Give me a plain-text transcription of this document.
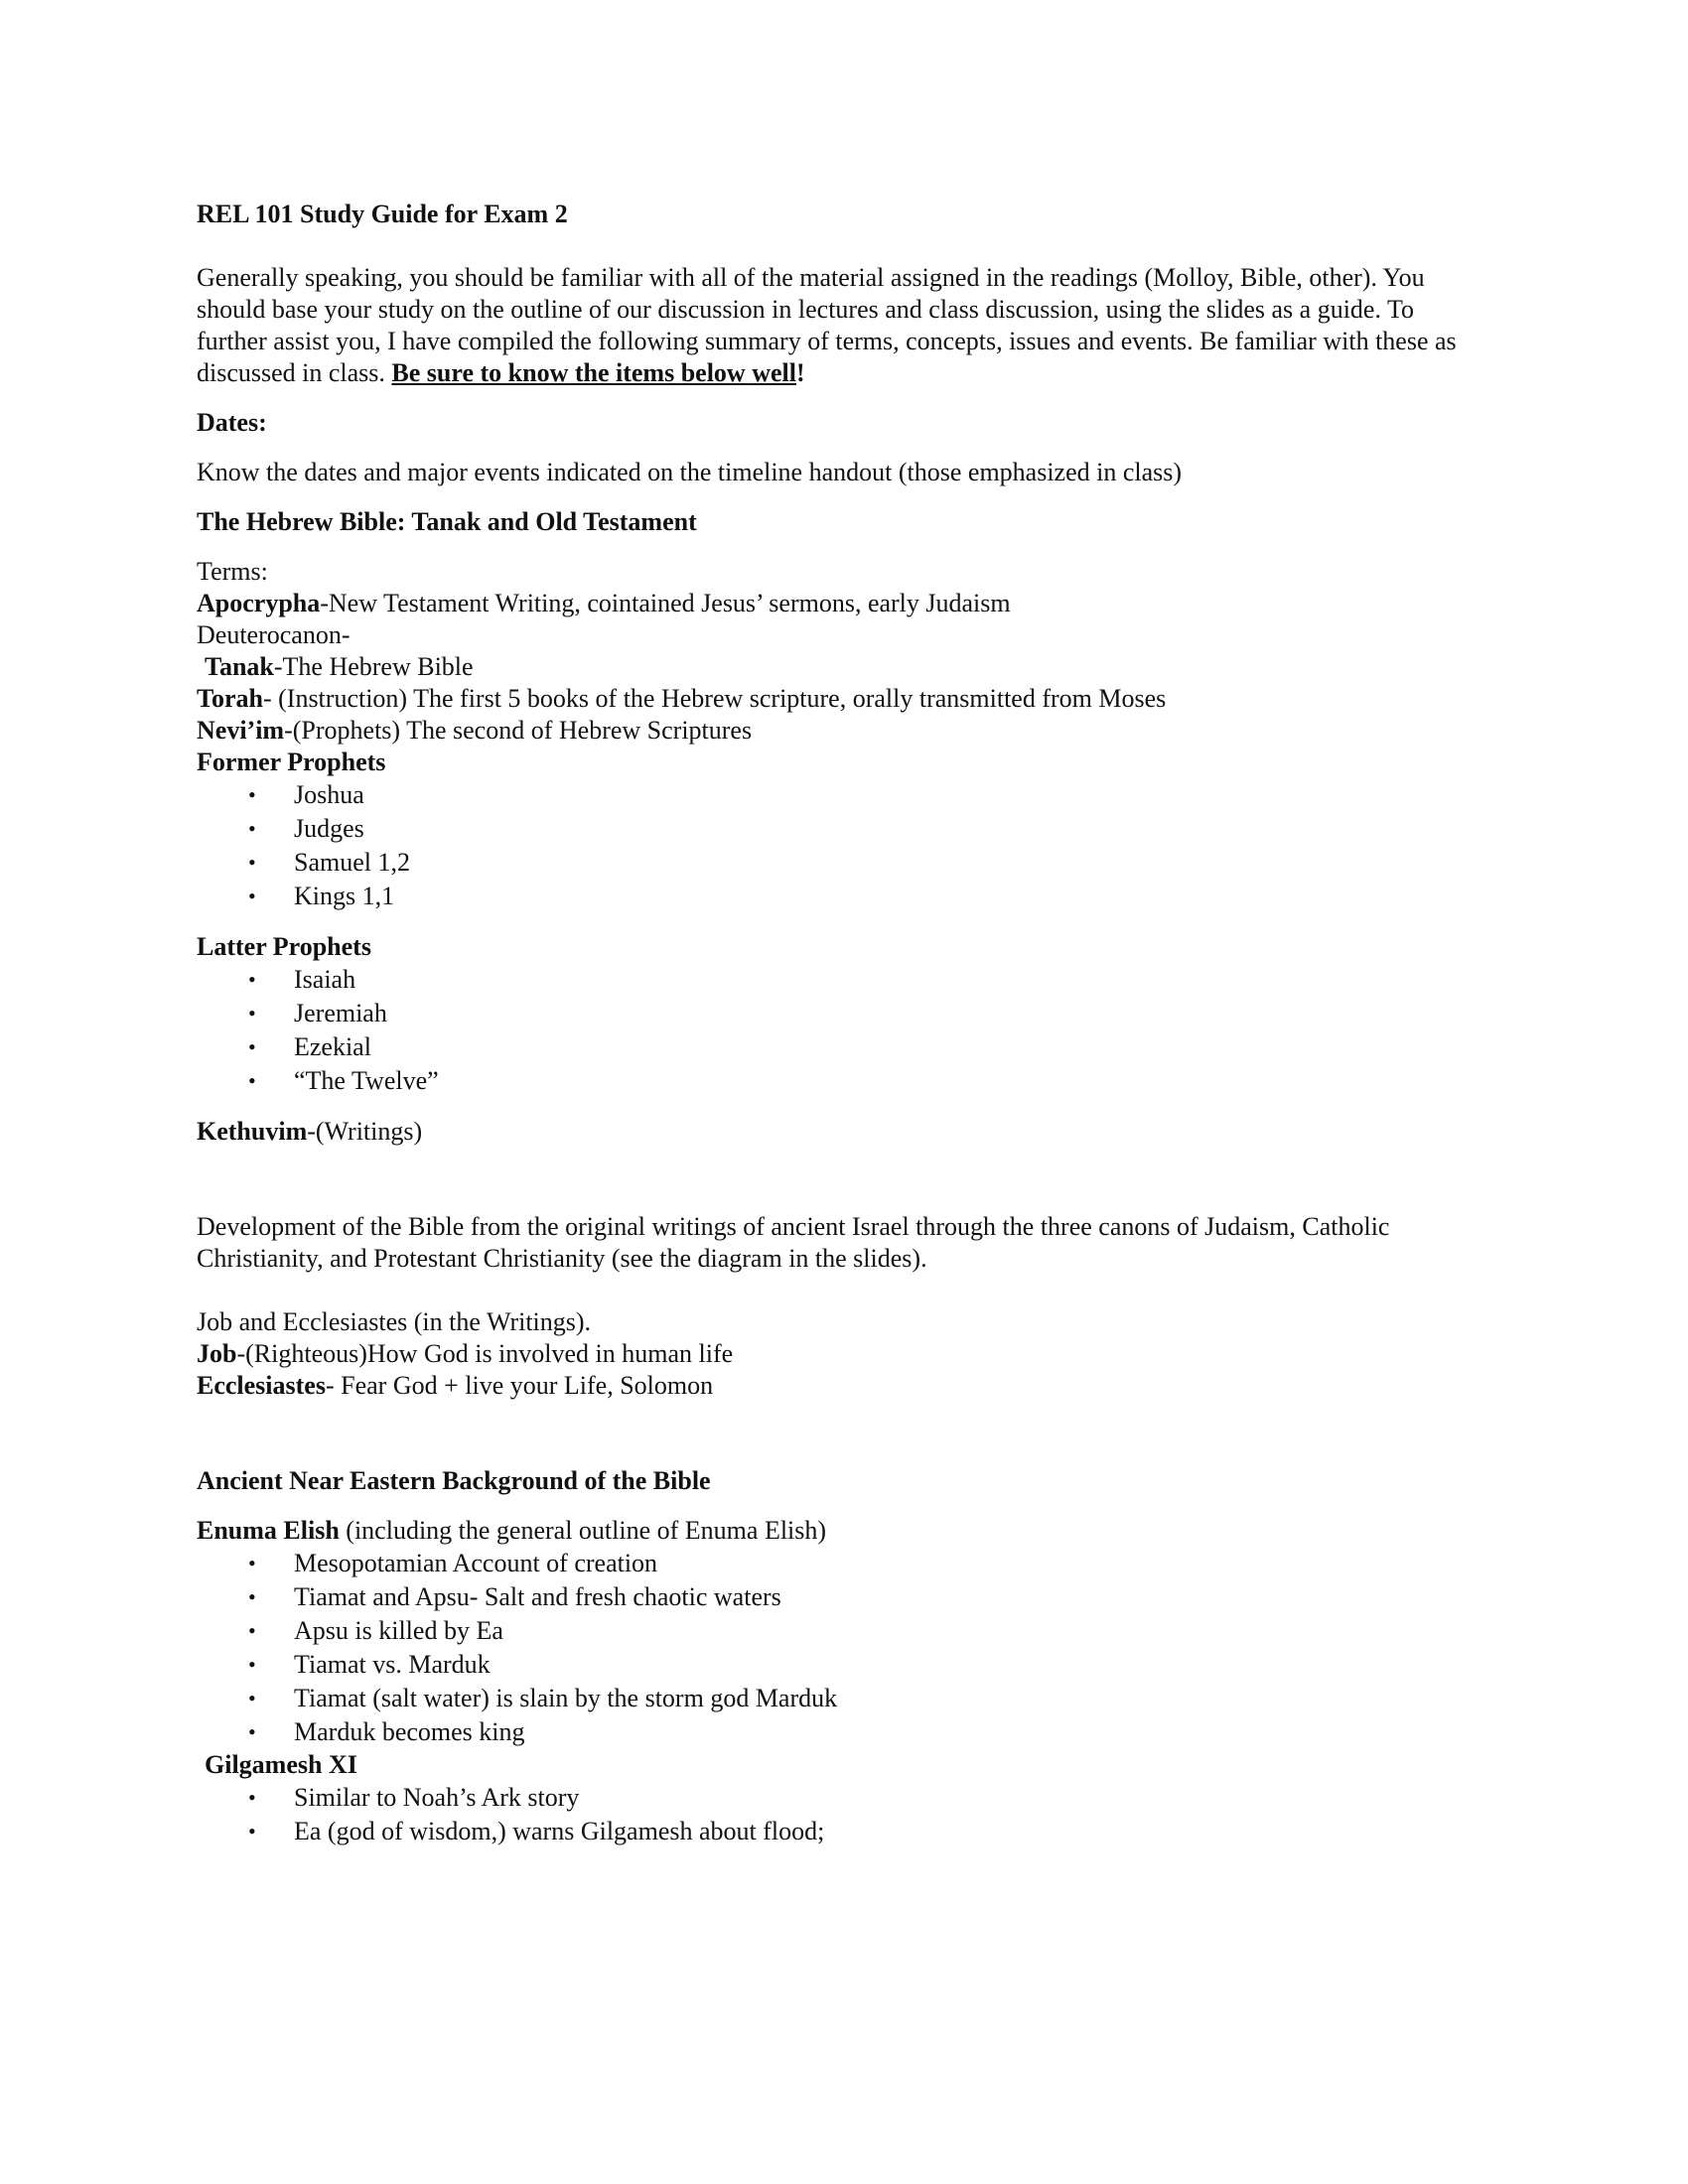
REL 101 Study Guide for Exam 2
Generally speaking, you should be familiar with all of the material assigned in the readings (Molloy, Bible, other). You should base your study on the outline of our discussion in lectures and class discussion, using the slides as a guide. To further assist you, I have compiled the following summary of terms, concepts, issues and events. Be familiar with these as discussed in class. Be sure to know the items below well!
Dates:
Know the dates and major events indicated on the timeline handout (those emphasized in class)
The Hebrew Bible: Tanak and Old Testament
Terms:
Apocrypha-New Testament Writing, cointained Jesus’ sermons, early Judaism
Deuterocanon-
Tanak-The Hebrew Bible
Torah- (Instruction) The first 5 books of the Hebrew scripture, orally transmitted from Moses
Nevi’im-(Prophets) The second of Hebrew Scriptures
Former Prophets
• Joshua
• Judges
• Samuel 1,2
• Kings 1,1
Latter Prophets
• Isaiah
• Jeremiah
• Ezekial
• “The Twelve”
Kethuvim-(Writings)
Development of the Bible from the original writings of ancient Israel through the three canons of Judaism, Catholic Christianity, and Protestant Christianity (see the diagram in the slides).
Job and Ecclesiastes (in the Writings).
Job-(Righteous)How God is involved in human life
Ecclesiastes- Fear God + live your Life, Solomon
Ancient Near Eastern Background of the Bible
Enuma Elish (including the general outline of Enuma Elish)
• Mesopotamian Account of creation
• Tiamat and Apsu- Salt and fresh chaotic waters
• Apsu is killed by Ea
• Tiamat vs. Marduk
• Tiamat (salt water) is slain by the storm god Marduk
• Marduk becomes king
Gilgamesh XI
• Similar to Noah’s Ark story
• Ea (god of wisdom,) warns Gilgamesh about flood;
